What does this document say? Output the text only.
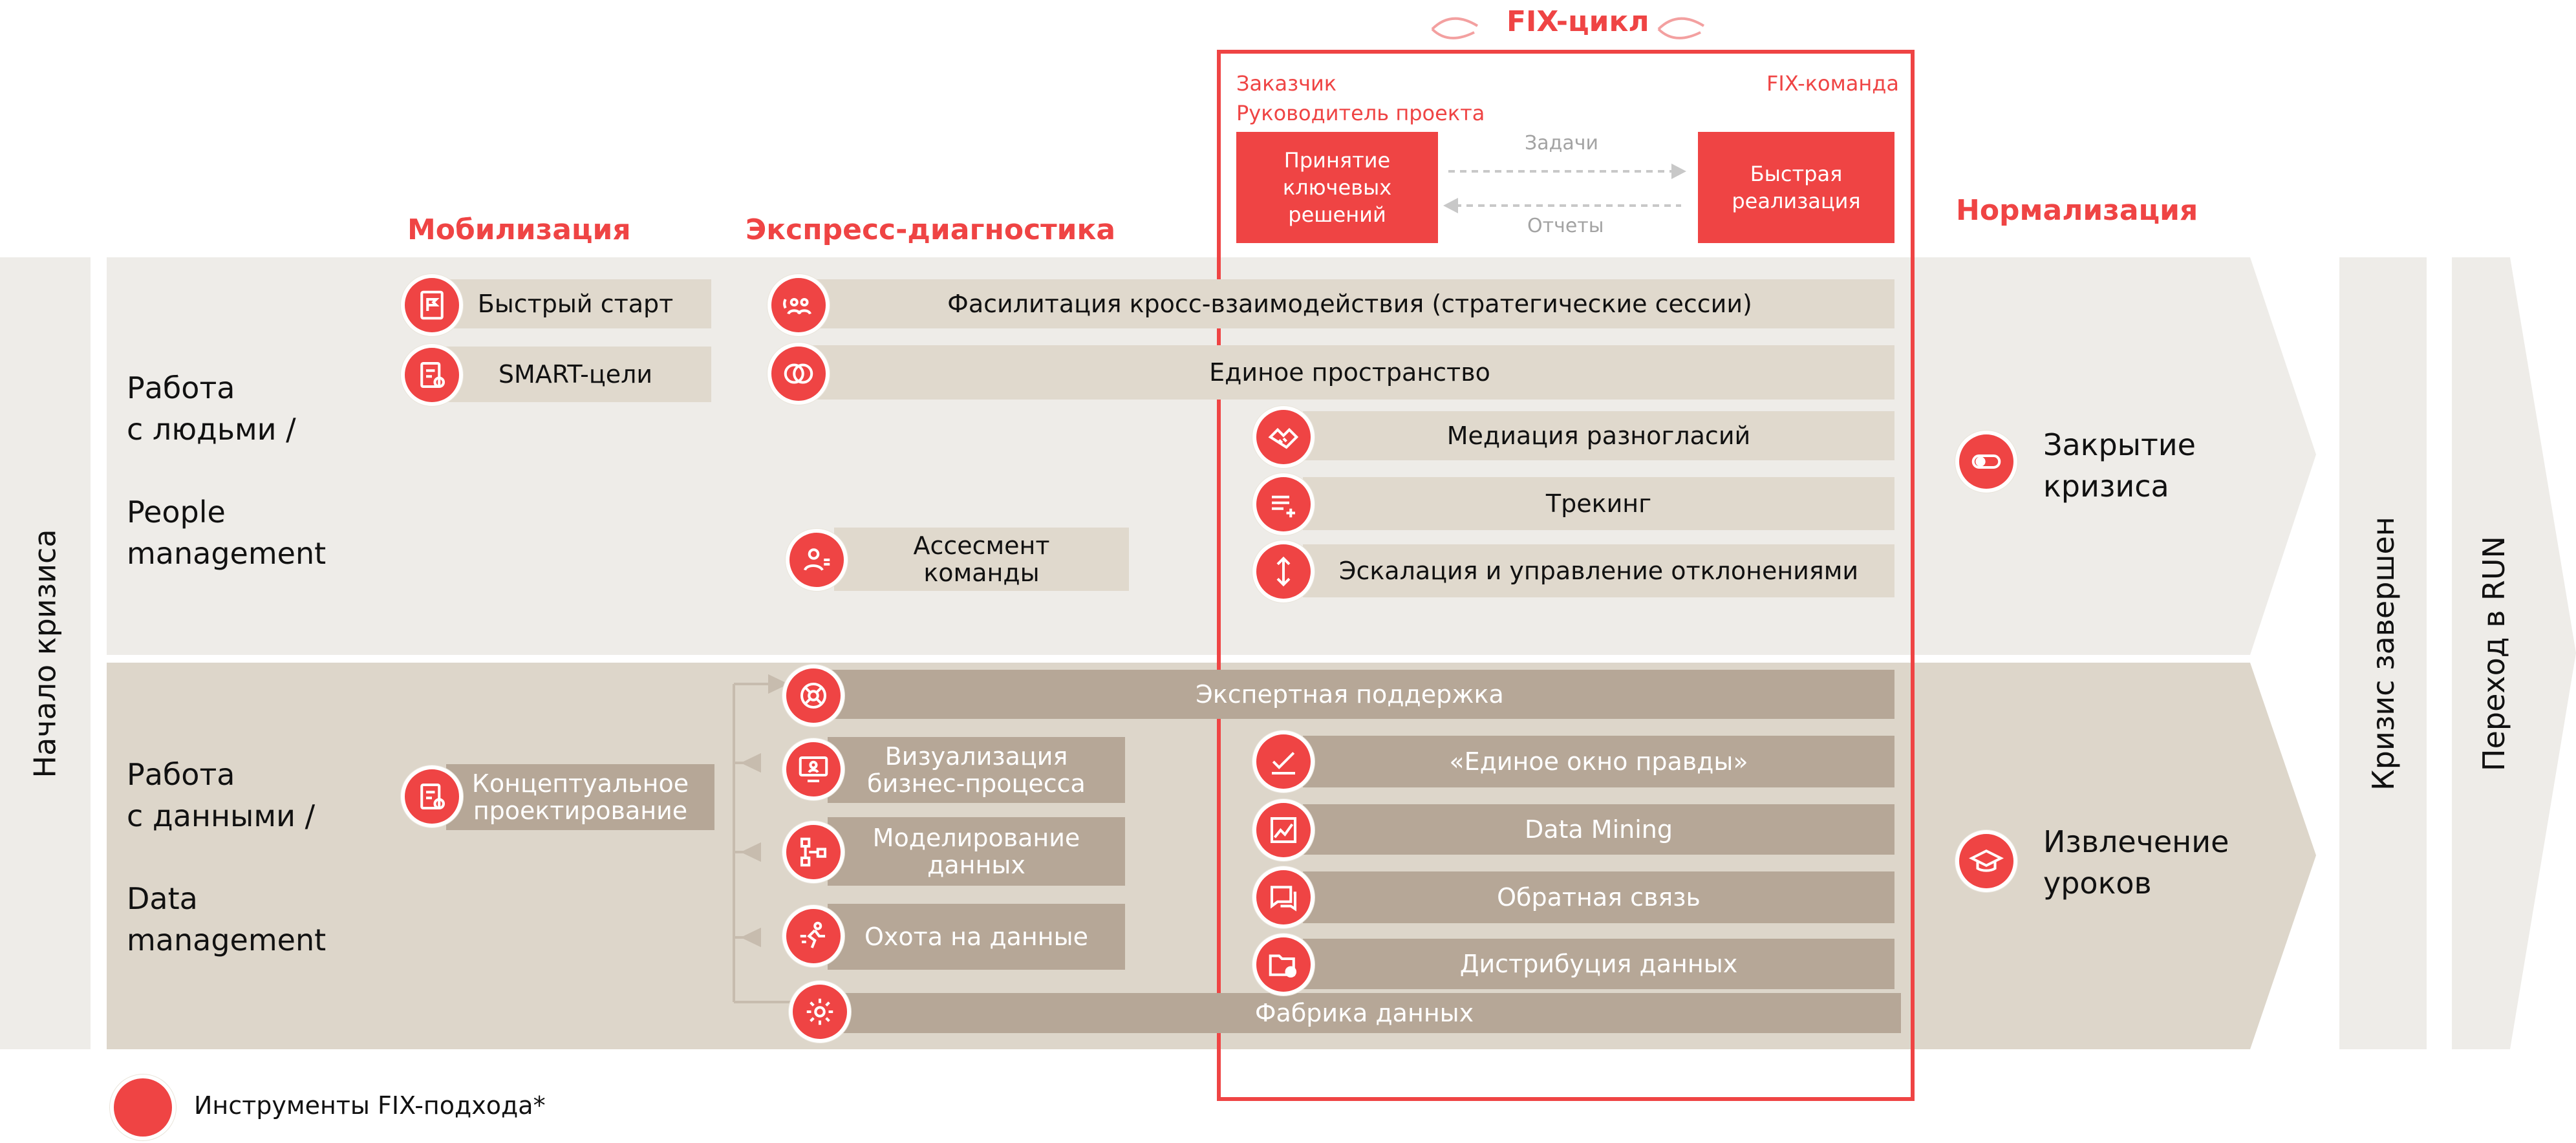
Начало кризиса	Кризис завершен	Переход в RUN
FIX-цикл
Заказчик
Руководитель проекта
FIX-команда
Принятие ключевых решений
Быстрая реализация
Задачи
Отчеты
Мобилизация	Экспресс-диагностика
Нормализация
Работа
с людьми /
People
management
Быстрый старт
SMART-цели
Фасилитация кросс-взаимодействия (стратегические сессии)
Единое пространство
Медиация разногласий
Трекинг
Эскалация и управление отклонениями
Ассесмент команды
Закрытие
кризиса
Работа
с данными /
Data
management
Концептуальное проектирование
Экспертная поддержка
Визуализация бизнес-процесса
Моделирование данных
Охота на данные
«Единое окно правды»
Data Mining
Обратная связь
Дистрибуция данных
Фабрика данных
Извлечение
уроков
Инструменты FIX-подхода*
